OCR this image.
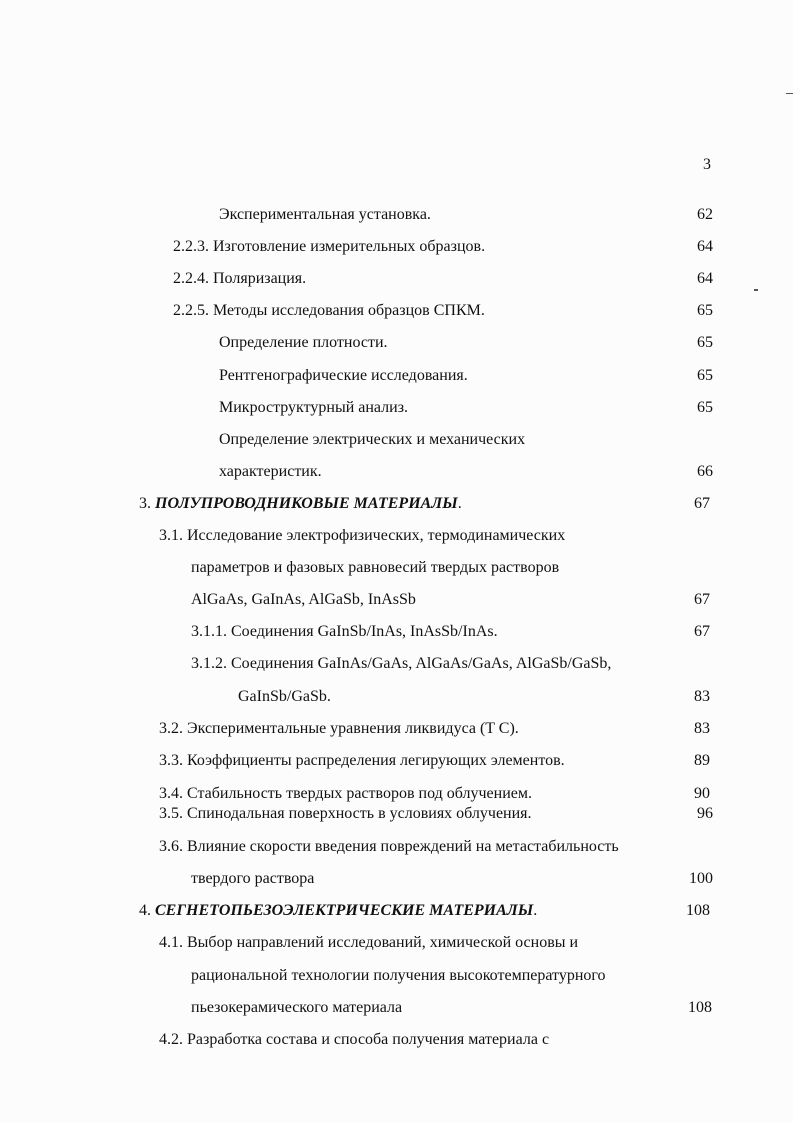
3
Экспериментальная установка.	62
2.2.3. Изготовление измерительных образцов.	64
2.2.4. Поляризация.	64
2.2.5. Методы исследования образцов СПКМ.	65
Определение плотности.	65
Рентгенографические исследования.	65
Микроструктурный анализ.	65
Определение электрических и механических
характеристик.	66
3. ПОЛУПРОВОДНИКОВЫЕ МАТЕРИАЛЫ.	67
3.1. Исследование электрофизических, термодинамических
параметров и фазовых равновесий твердых растворов
AlGaAs, GaInAs, AlGaSb, InAsSb	67
3.1.1. Соединения GaInSb/InAs, InAsSb/InAs.	67
3.1.2. Соединения GaInAs/GaAs, AlGaAs/GaAs, AlGaSb/GaSb,
GaInSb/GaSb.	83
3.2. Экспериментальные уравнения ликвидуса (T C).	83
3.3. Коэффициенты распределения легирующих элементов.	89
3.4. Стабильность твердых растворов под облучением.	90
3.5. Спинодальная поверхность в условиях облучения.	96
3.6. Влияние скорости введения повреждений на метастабильность
твердого раствора	100
4. СЕГНЕТОПЬЕЗОЭЛЕКТРИЧЕСКИЕ МАТЕРИАЛЫ.	108
4.1. Выбор направлений исследований, химической основы и
рациональной технологии получения высокотемпературного
пьезокерамического материала	108
4.2. Разработка состава и способа получения материала с
